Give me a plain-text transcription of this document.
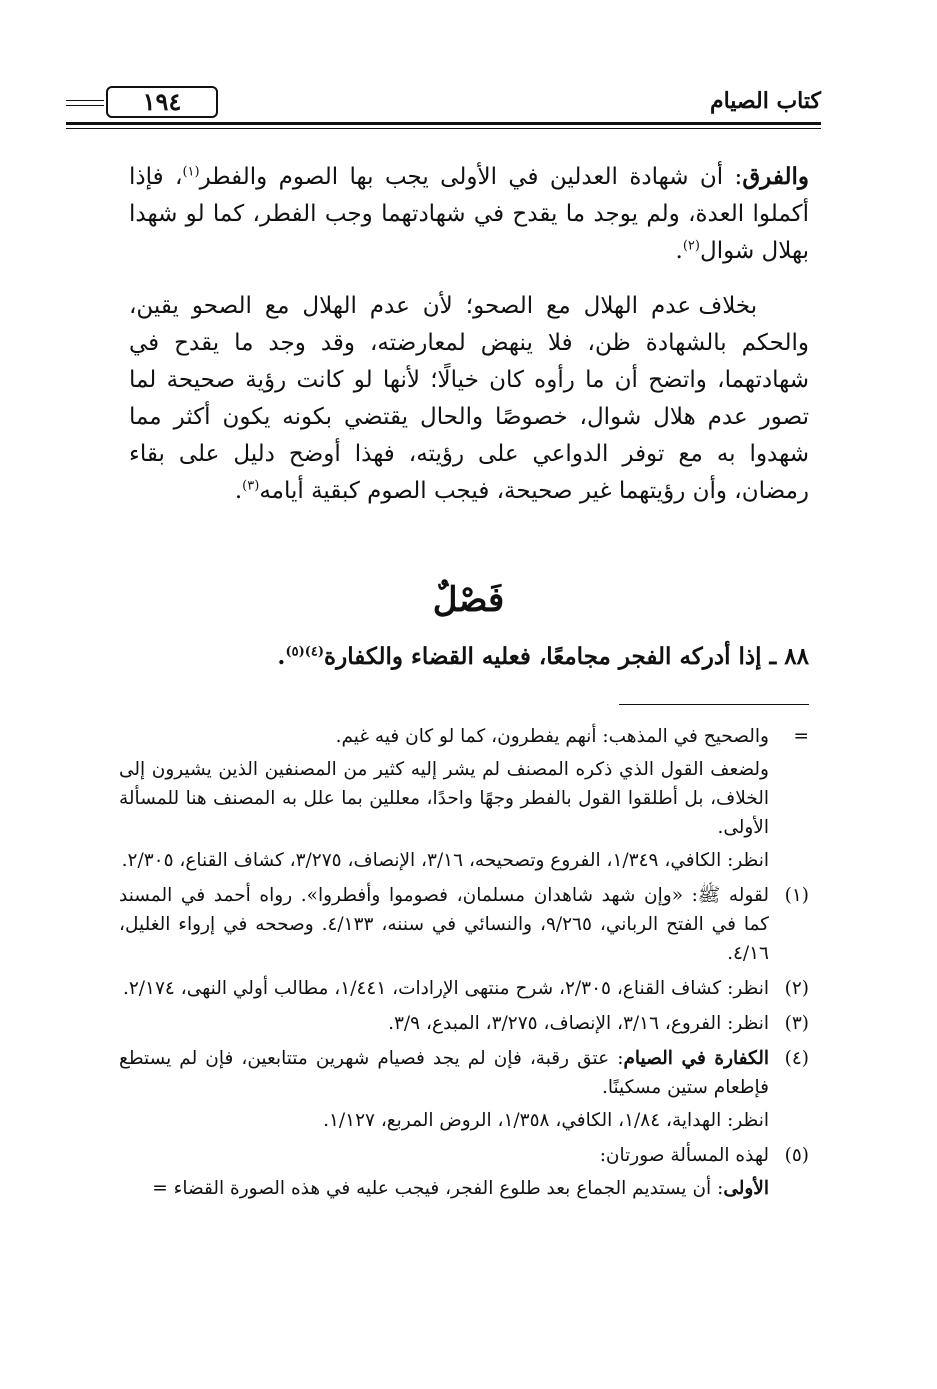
كتاب الصيام
١٩٤

والفرق: أن شهادة العدلين في الأولى يجب بها الصوم والفطر$^{(١)}$، فإذا أكملوا العدة، ولم يوجد ما يقدح في شهادتهما وجب الفطر، كما لو شهدا بهلال شوال$^{(٢)}$.

بخلاف عدم الهلال مع الصحو؛ لأن عدم الهلال مع الصحو يقين، والحكم بالشهادة ظن، فلا ينهض لمعارضته، وقد وجد ما يقدح في شهادتهما، واتضح أن ما رأوه كان خيالًا؛ لأنها لو كانت رؤية صحيحة لما تصور عدم هلال شوال، خصوصًا والحال يقتضي بكونه يكون أكثر مما شهدوا به مع توفر الدواعي على رؤيته، فهذا أوضح دليل على بقاء رمضان، وأن رؤيتهما غير صحيحة، فيجب الصوم كبقية أيامه$^{(٣)}$.

فَصْلٌ
٨٨ ـ إذا أدركه الفجر مجامعًا، فعليه القضاء والكفارة$^{(٤)(٥)}$.
=
والصحيح في المذهب: أنهم يفطرون، كما لو كان فيه غيم.
ولضعف القول الذي ذكره المصنف لم يشر إليه كثير من المصنفين الذين يشيرون إلى الخلاف، بل أطلقوا القول بالفطر وجهًا واحدًا، معللين بما علل به المصنف هنا للمسألة الأولى.
انظر: الكافي، ١/٣٤٩، الفروع وتصحيحه، ٣/١٦، الإنصاف، ٣/٢٧٥، كشاف القناع، ٢/٣٠٥.
(١)
لقوله ﷺ: «وإن شهد شاهدان مسلمان، فصوموا وأفطروا». رواه أحمد في المسند كما في الفتح الرباني، ٩/٢٦٥، والنسائي في سننه، ٤/١٣٣. وصححه في إرواء الغليل، ٤/١٦.
(٢)
انظر: كشاف القناع، ٢/٣٠٥، شرح منتهى الإرادات، ١/٤٤١، مطالب أولي النهى، ٢/١٧٤.
(٣)
انظر: الفروع، ٣/١٦، الإنصاف، ٣/٢٧٥، المبدع، ٣/٩.
(٤)
الكفارة في الصيام: عتق رقبة، فإن لم يجد فصيام شهرين متتابعين، فإن لم يستطع فإطعام ستين مسكينًا.
انظر: الهداية، ١/٨٤، الكافي، ١/٣٥٨، الروض المربع، ١/١٢٧.
(٥)
لهذه المسألة صورتان:
الأولى: أن يستديم الجماع بعد طلوع الفجر، فيجب عليه في هذه الصورة القضاء =
